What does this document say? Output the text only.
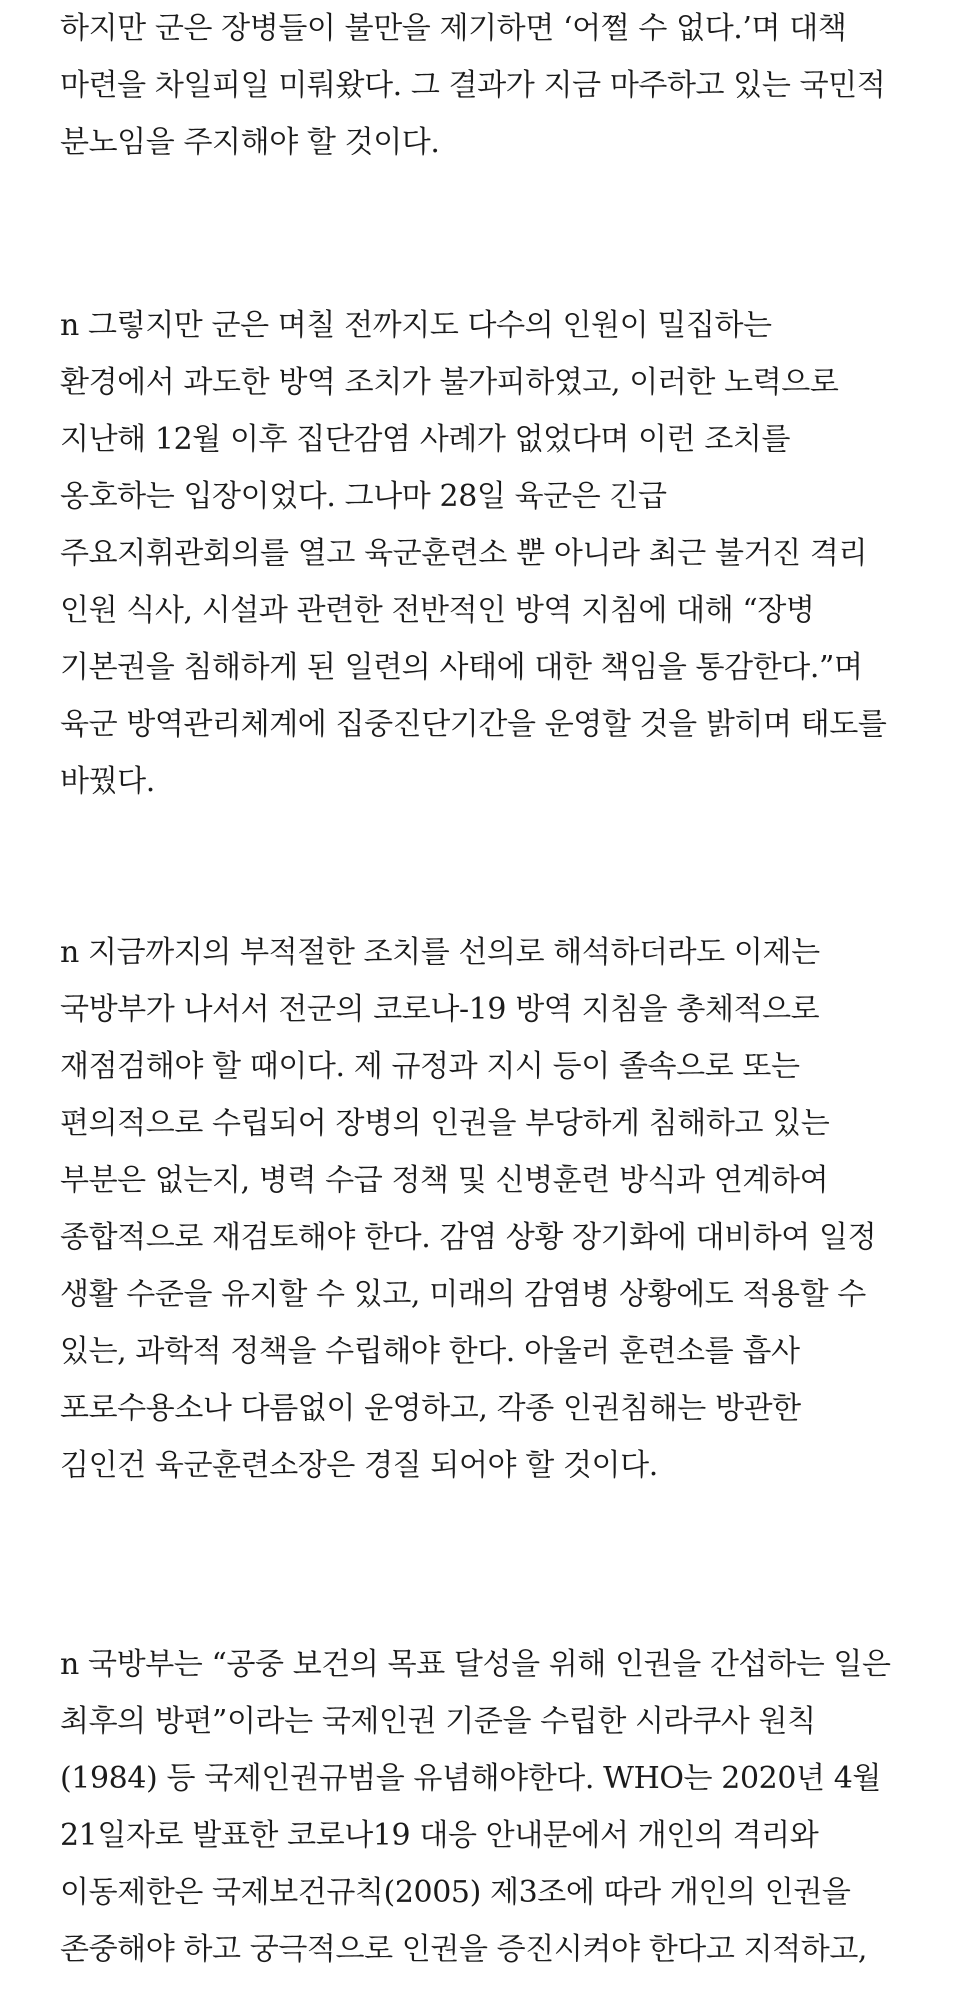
하지만 군은 장병들이 불만을 제기하면 ‘어쩔 수 없다.’며 대책
마련을 차일피일 미뤄왔다. 그 결과가 지금 마주하고 있는 국민적
분노임을 주지해야 할 것이다.
n 그렇지만 군은 며칠 전까지도 다수의 인원이 밀집하는
환경에서 과도한 방역 조치가 불가피하였고, 이러한 노력으로
지난해 12월 이후 집단감염 사례가 없었다며 이런 조치를
옹호하는 입장이었다. 그나마 28일 육군은 긴급
주요지휘관회의를 열고 육군훈련소 뿐 아니라 최근 불거진 격리
인원 식사, 시설과 관련한 전반적인 방역 지침에 대해 “장병
기본권을 침해하게 된 일련의 사태에 대한 책임을 통감한다.”며
육군 방역관리체계에 집중진단기간을 운영할 것을 밝히며 태도를
바꿨다.
n 지금까지의 부적절한 조치를 선의로 해석하더라도 이제는
국방부가 나서서 전군의 코로나-19 방역 지침을 총체적으로
재점검해야 할 때이다. 제 규정과 지시 등이 졸속으로 또는
편의적으로 수립되어 장병의 인권을 부당하게 침해하고 있는
부분은 없는지, 병력 수급 정책 및 신병훈련 방식과 연계하여
종합적으로 재검토해야 한다. 감염 상황 장기화에 대비하여 일정
생활 수준을 유지할 수 있고, 미래의 감염병 상황에도 적용할 수
있는, 과학적 정책을 수립해야 한다. 아울러 훈련소를 흡사
포로수용소나 다름없이 운영하고, 각종 인권침해는 방관한
김인건 육군훈련소장은 경질 되어야 할 것이다.
n 국방부는 “공중 보건의 목표 달성을 위해 인권을 간섭하는 일은
최후의 방편”이라는 국제인권 기준을 수립한 시라쿠사 원칙
(1984) 등 국제인권규범을 유념해야한다. WHO는 2020년 4월
21일자로 발표한 코로나19 대응 안내문에서 개인의 격리와
이동제한은 국제보건규칙(2005) 제3조에 따라 개인의 인권을
존중해야 하고 궁극적으로 인권을 증진시켜야 한다고 지적하고,
